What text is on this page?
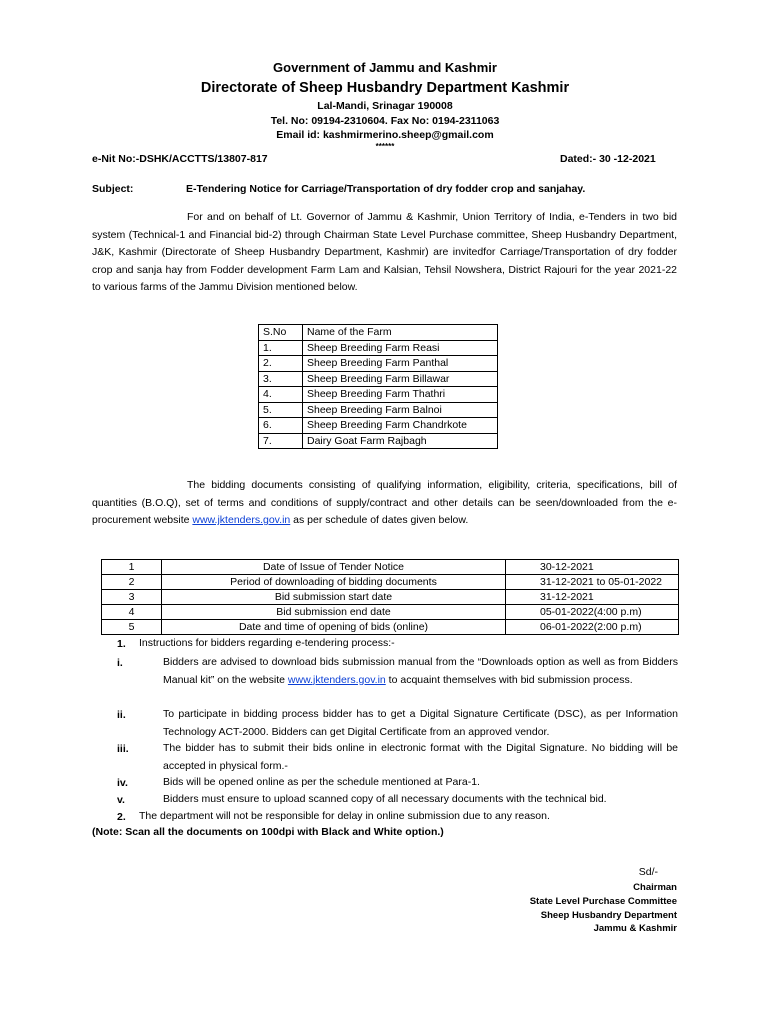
Government of Jammu and Kashmir
Directorate of Sheep Husbandry Department Kashmir
Lal-Mandi, Srinagar 190008
Tel. No: 09194-2310604. Fax No: 0194-2311063
Email id: kashmirmerino.sheep@gmail.com
******
e-Nit No:-DSHK/ACCTTS/13807-817	Dated:- 30 -12-2021
Subject:	E-Tendering Notice for Carriage/Transportation of dry fodder crop and sanjahay.

For and on behalf of Lt. Governor of Jammu & Kashmir, Union Territory of India, e-Tenders in two bid system (Technical-1 and Financial bid-2) through Chairman State Level Purchase committee, Sheep Husbandry Department, J&K, Kashmir (Directorate of Sheep Husbandry Department, Kashmir) are invitedfor Carriage/Transportation of dry fodder crop and sanja hay from Fodder development Farm Lam and Kalsian, Tehsil Nowshera, District Rajouri for the year 2021-22 to various farms of the Jammu Division mentioned below.

S.No	Name of the Farm
1.	Sheep Breeding Farm Reasi
2.	Sheep Breeding Farm Panthal
3.	Sheep Breeding Farm Billawar
4.	Sheep Breeding Farm Thathri
5.	Sheep Breeding Farm Balnoi
6.	Sheep Breeding Farm Chandrkote
7.	Dairy Goat Farm Rajbagh

The bidding documents consisting of qualifying information, eligibility, criteria, specifications, bill of quantities (B.O.Q), set of terms and conditions of supply/contract and other details can be seen/downloaded from the e-procurement website www.jktenders.gov.in as per schedule of dates given below.

1	Date of Issue of Tender Notice	30-12-2021
2	Period of downloading of bidding documents	31-12-2021 to 05-01-2022
3	Bid submission start date	31-12-2021
4	Bid submission end date	05-01-2022(4:00 p.m)
5	Date and time of opening of bids (online)	06-01-2022(2:00 p.m)
1. Instructions for bidders regarding e-tendering process:-
i.	Bidders are advised to download bids submission manual from the “Downloads option as well as from Bidders Manual kit” on the website www.jktenders.gov.in to acquaint themselves with bid submission process.
ii.	To participate in bidding process bidder has to get a Digital Signature Certificate (DSC), as per Information Technology ACT-2000. Bidders can get Digital Certificate from an approved vendor.
iii.	The bidder has to submit their bids online in electronic format with the Digital Signature. No bidding will be accepted in physical form.-
iv.	Bids will be opened online as per the schedule mentioned at Para-1.
v.	Bidders must ensure to upload scanned copy of all necessary documents with the technical bid.
2. The department will not be responsible for delay in online submission due to any reason.
(Note: Scan all the documents on 100dpi with Black and White option.)
Sd/-
Chairman
State Level Purchase Committee
Sheep Husbandry Department
Jammu & Kashmir
